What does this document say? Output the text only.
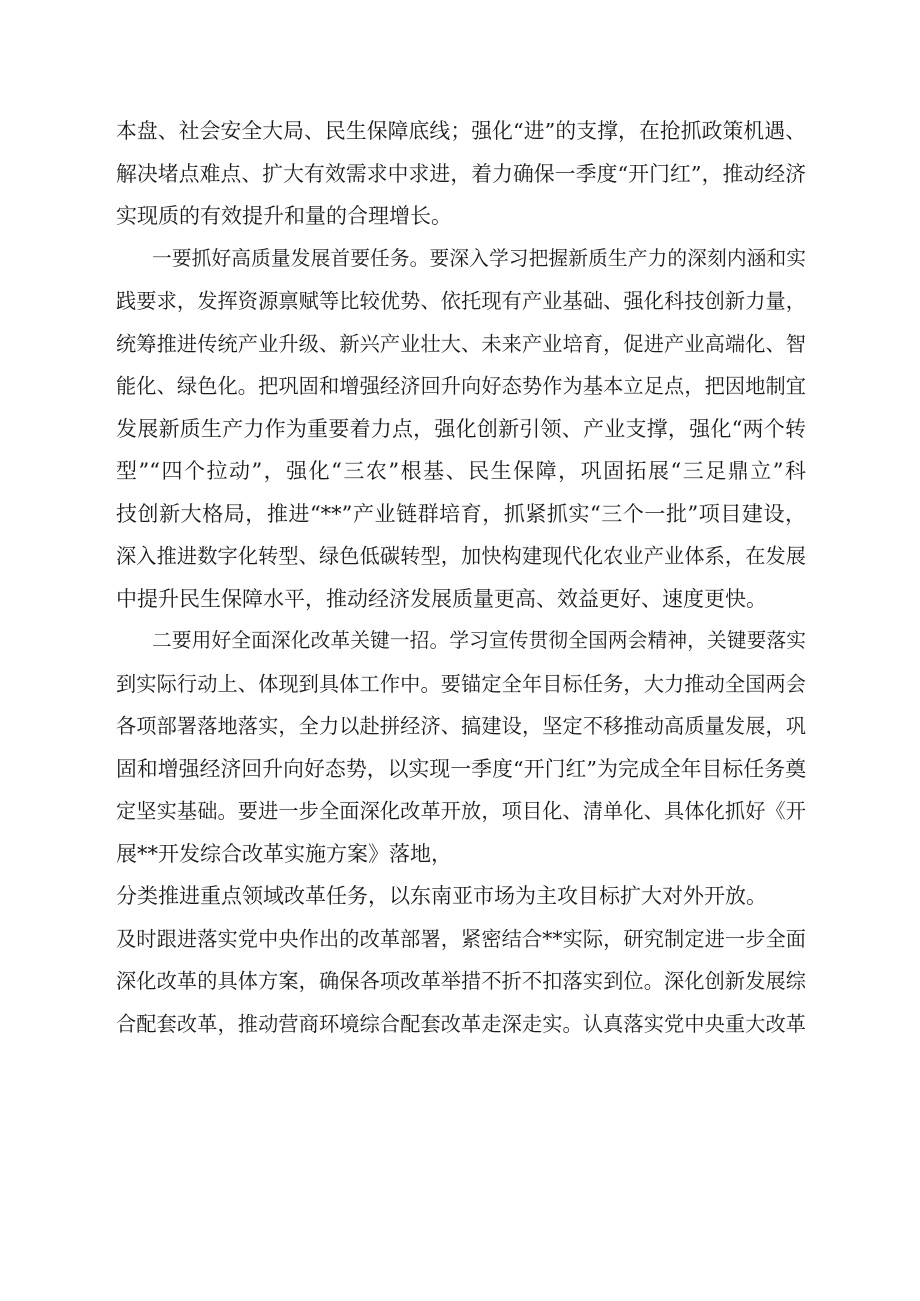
本盘、社会安全大局、民生保障底线；强化“进”的支撑，在抢抓政策机遇、
解决堵点难点、扩大有效需求中求进，着力确保一季度“开门红”，推动经济
实现质的有效提升和量的合理增长。
一要抓好高质量发展首要任务。要深入学习把握新质生产力的深刻内涵和实
践要求，发挥资源禀赋等比较优势、依托现有产业基础、强化科技创新力量，
统筹推进传统产业升级、新兴产业壮大、未来产业培育，促进产业高端化、智
能化、绿色化。把巩固和增强经济回升向好态势作为基本立足点，把因地制宜
发展新质生产力作为重要着力点，强化创新引领、产业支撑，强化“两个转
型”“四个拉动”，强化“三农”根基、民生保障，巩固拓展“三足鼎立”科
技创新大格局，推进“**”产业链群培育，抓紧抓实“三个一批”项目建设，
深入推进数字化转型、绿色低碳转型，加快构建现代化农业产业体系，在发展
中提升民生保障水平，推动经济发展质量更高、效益更好、速度更快。
二要用好全面深化改革关键一招。学习宣传贯彻全国两会精神，关键要落实
到实际行动上、体现到具体工作中。要锚定全年目标任务，大力推动全国两会
各项部署落地落实，全力以赴拼经济、搞建设，坚定不移推动高质量发展，巩
固和增强经济回升向好态势，以实现一季度“开门红”为完成全年目标任务奠
定坚实基础。要进一步全面深化改革开放，项目化、清单化、具体化抓好《开
展**开发综合改革实施方案》落地，
分类推进重点领域改革任务，以东南亚市场为主攻目标扩大对外开放。
及时跟进落实党中央作出的改革部署，紧密结合**实际，研究制定进一步全面
深化改革的具体方案，确保各项改革举措不折不扣落实到位。深化创新发展综
合配套改革，推动营商环境综合配套改革走深走实。认真落实党中央重大改革
